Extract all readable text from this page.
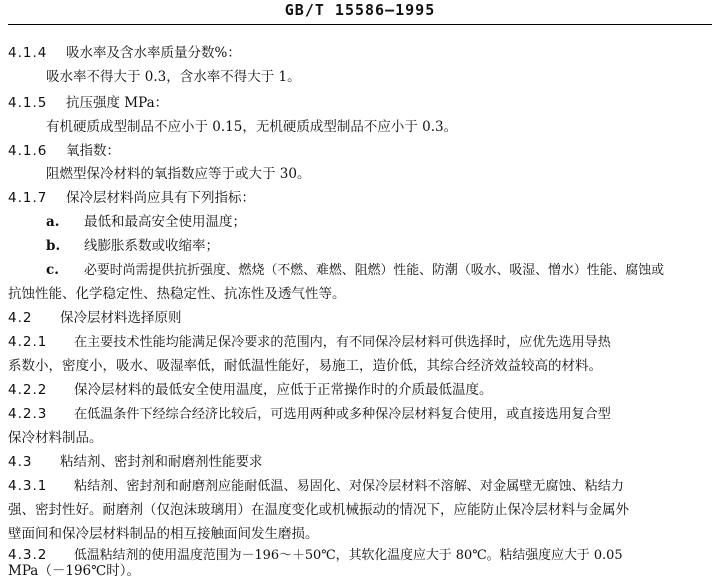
GB/T 15586—1995
4.1.4 吸水率及含水率质量分数%：
吸水率不得大于 0.3，含水率不得大于 1。
4.1.5 抗压强度 MPa：
有机硬质成型制品不应小于 0.15，无机硬质成型制品不应小于 0.3。
4.1.6 氧指数：
阻燃型保冷材料的氧指数应等于或大于 30。
4.1.7 保冷层材料尚应具有下列指标：
a. 最低和最高安全使用温度；
b. 线膨胀系数或收缩率；
c. 必要时尚需提供抗折强度、燃烧（不燃、难燃、阻燃）性能、防潮（吸水、吸湿、憎水）性能、腐蚀或
抗蚀性能、化学稳定性、热稳定性、抗冻性及透气性等。
4.2 保冷层材料选择原则
4.2.1 在主要技术性能均能满足保冷要求的范围内，有不同保冷层材料可供选择时，应优先选用导热
系数小，密度小，吸水、吸湿率低，耐低温性能好，易施工，造价低，其综合经济效益较高的材料。
4.2.2 保冷层材料的最低安全使用温度，应低于正常操作时的介质最低温度。
4.2.3 在低温条件下经综合经济比较后，可选用两种或多种保冷层材料复合使用，或直接选用复合型
保冷材料制品。
4.3 粘结剂、密封剂和耐磨剂性能要求
4.3.1 粘结剂、密封剂和耐磨剂应能耐低温、易固化、对保冷层材料不溶解、对金属壁无腐蚀、粘结力
强、密封性好。耐磨剂（仅泡沫玻璃用）在温度变化或机械振动的情况下，应能防止保冷层材料与金属外
壁面间和保冷层材料制品的相互接触面间发生磨损。
4.3.2 低温粘结剂的使用温度范围为－196～＋50℃，其软化温度应大于 80℃。粘结强度应大于 0.05
MPa（－196℃时）。
